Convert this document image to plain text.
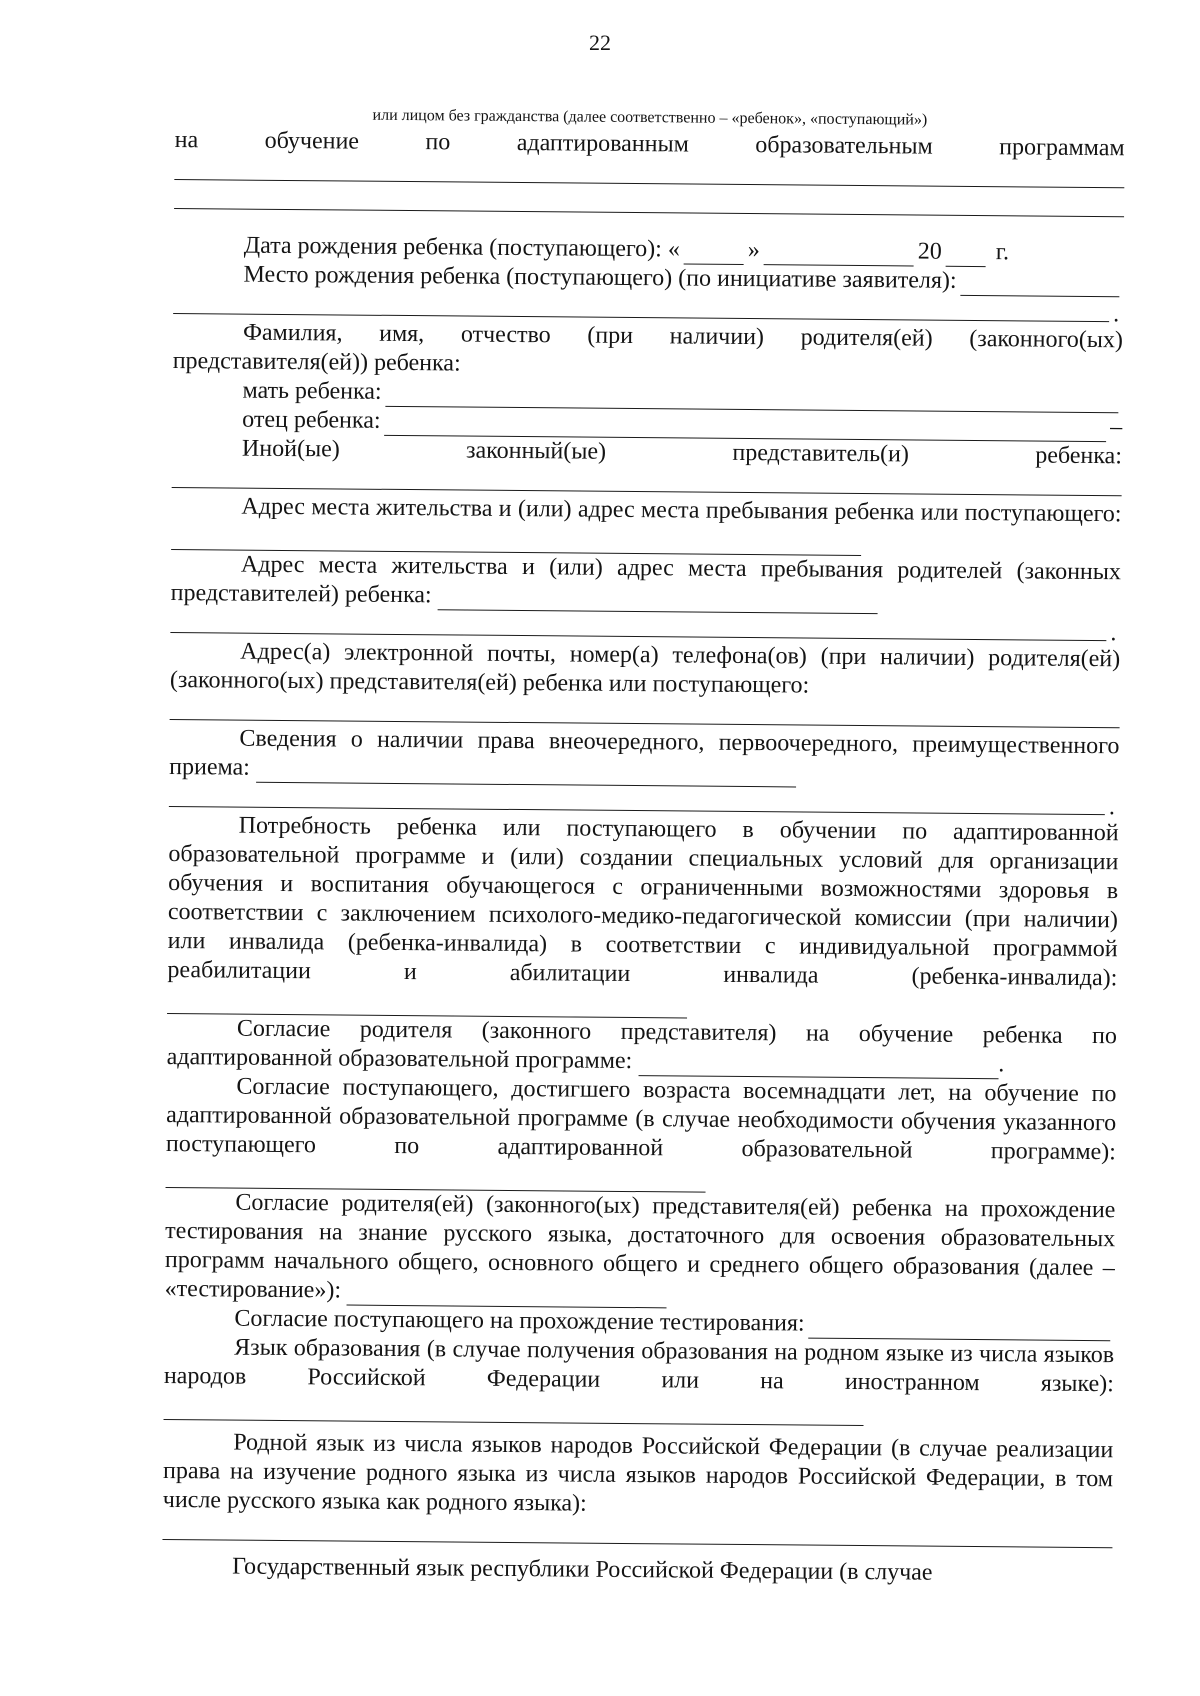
22
или лицом без гражданства (далее соответственно – «ребенок», «поступающий»)
на	обучение	по	адаптированным	образовательным	программам
Дата рождения ребенка (поступающего): «	»	20 г.
Место рождения ребенка (поступающего) (по инициативе заявителя):
.
Фамилия, имя, отчество (при наличии) родителя(ей) (законного(ых)
представителя(ей)) ребенка:
мать ребенка:
отец ребенка:	–
Иной(ые)	законный(ые)	представитель(и)	ребенка:

Адрес места жительства и (или) адрес места пребывания ребенка или поступающего:

Адрес места жительства и (или) адрес места пребывания родителей (законных представителей) ребенка:

.

Адрес(а) электронной почты, номер(а) телефона(ов) (при наличии) родителя(ей) (законного(ых) представителя(ей) ребенка или поступающего:

Сведения о наличии права внеочередного, первоочередного, преимущественного приема:

.

Потребность ребенка или поступающего в обучении по адаптированной образовательной программе и (или) создании специальных условий для организации обучения и воспитания обучающегося с ограниченными возможностями здоровья в соответствии с заключением психолого-медико-педагогической комиссии (при наличии) или инвалида (ребенка-инвалида) в соответствии с индивидуальной программой реабилитации и абилитации инвалида (ребенка-инвалида):

Согласие родителя (законного представителя) на обучение ребенка по адаптированной образовательной программе:	.

Согласие поступающего, достигшего возраста восемнадцати лет, на обучение по адаптированной образовательной программе (в случае необходимости обучения указанного поступающего по адаптированной образовательной программе):

Согласие родителя(ей) (законного(ых) представителя(ей) ребенка на прохождение тестирования на знание русского языка, достаточного для освоения образовательных программ начального общего, основного общего и среднего общего образования (далее – «тестирование»):

Согласие поступающего на прохождение тестирования:

Язык образования (в случае получения образования на родном языке из числа языков народов Российской Федерации или на иностранном языке):

Родной язык из числа языков народов Российской Федерации (в случае реализации права на изучение родного языка из числа языков народов Российской Федерации, в том числе русского языка как родного языка):

Государственный язык республики Российской Федерации (в случае
